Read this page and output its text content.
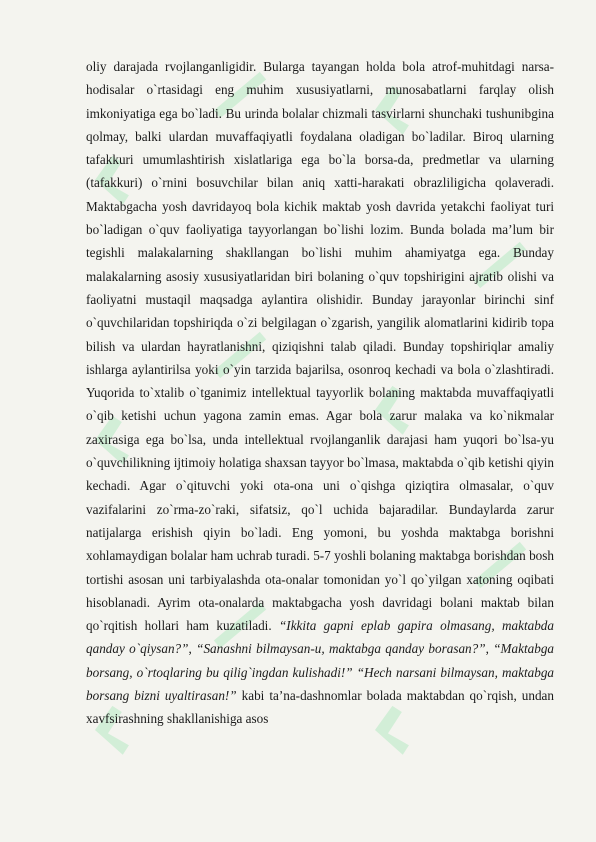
oliy darajada rvojlanganligidir. Bularga tayangan holda bola atrof-muhitdagi narsa-hodisalar o`rtasidagi eng muhim xususiyatlarni, munosabatlarni farqlay olish imkoniyatiga ega bo`ladi. Bu urinda bolalar chizmali tasvirlarni shunchaki tushunibgina qolmay, balki ulardan muvaffaqiyatli foydalana oladigan bo`ladilar. Biroq ularning tafakkuri umumlashtirish xislatlariga ega bo`la borsa-da, predmetlar va ularning (tafakkuri) o`rnini bosuvchilar bilan aniq xatti-harakati obrazliligicha qolaveradi. Maktabgacha yosh davridayoq bola kichik maktab yosh davrida yetakchi faoliyat turi bo`ladigan o`quv faoliyatiga tayyorlangan bo`lishi lozim. Bunda bolada ma’lum bir tegishli malakalarning shakllangan bo`lishi muhim ahamiyatga ega. Bunday malakalarning asosiy xususiyatlaridan biri bolaning o`quv topshirigini ajratib olishi va faoliyatni mustaqil maqsadga aylantira olishidir. Bunday jarayonlar birinchi sinf o`quvchilaridan topshiriqda o`zi belgilagan o`zgarish, yangilik alomatlarini kidirib topa bilish va ulardan hayratlanishni, qiziqishni talab qiladi. Bunday topshiriqlar amaliy ishlarga aylantirilsa yoki o`yin tarzida bajarilsa, osonroq kechadi va bola o`zlashtiradi. Yuqorida to`xtalib o`tganimiz intellektual tayyorlik bolaning maktabda muvaffaqiyatli o`qib ketishi uchun yagona zamin emas. Agar bola zarur malaka va ko`nikmalar zaxirasiga ega bo`lsa, unda intellektual rvojlanganlik darajasi ham yuqori bo`lsa-yu o`quvchilikning ijtimoiy holatiga shaxsan tayyor bo`lmasa, maktabda o`qib ketishi qiyin kechadi. Agar o`qituvchi yoki ota-ona uni o`qishga qiziqtira olmasalar, o`quv vazifalarini zo`rma-zo`raki, sifatsiz, qo`l uchida bajaradilar. Bundaylarda zarur natijalarga erishish qiyin bo`ladi. Eng yomoni, bu yoshda maktabga borishni xohlamaydigan bolalar ham uchrab turadi. 5-7 yoshli bolaning maktabga borishdan bosh tortishi asosan uni tarbiyalashda ota-onalar tomonidan yo`l qo`yilgan xatoning oqibati hisoblanadi. Ayrim ota-onalarda maktabgacha yosh davridagi bolani maktab bilan qo`rqitish hollari ham kuzatiladi. “Ikkita gapni eplab gapira olmasang, maktabda qanday o`qiysan?”, “Sanashni bilmaysan-u, maktabga qanday borasan?”, “Maktabga borsang, o`rtoqlaring bu qilig`ingdan kulishadi!” “Hech narsani bilmaysan, maktabga borsang bizni uyaltirasan!” kabi ta’na-dashnomlar bolada maktabdan qo`rqish, undan xavfsirashning shakllanishiga asos
